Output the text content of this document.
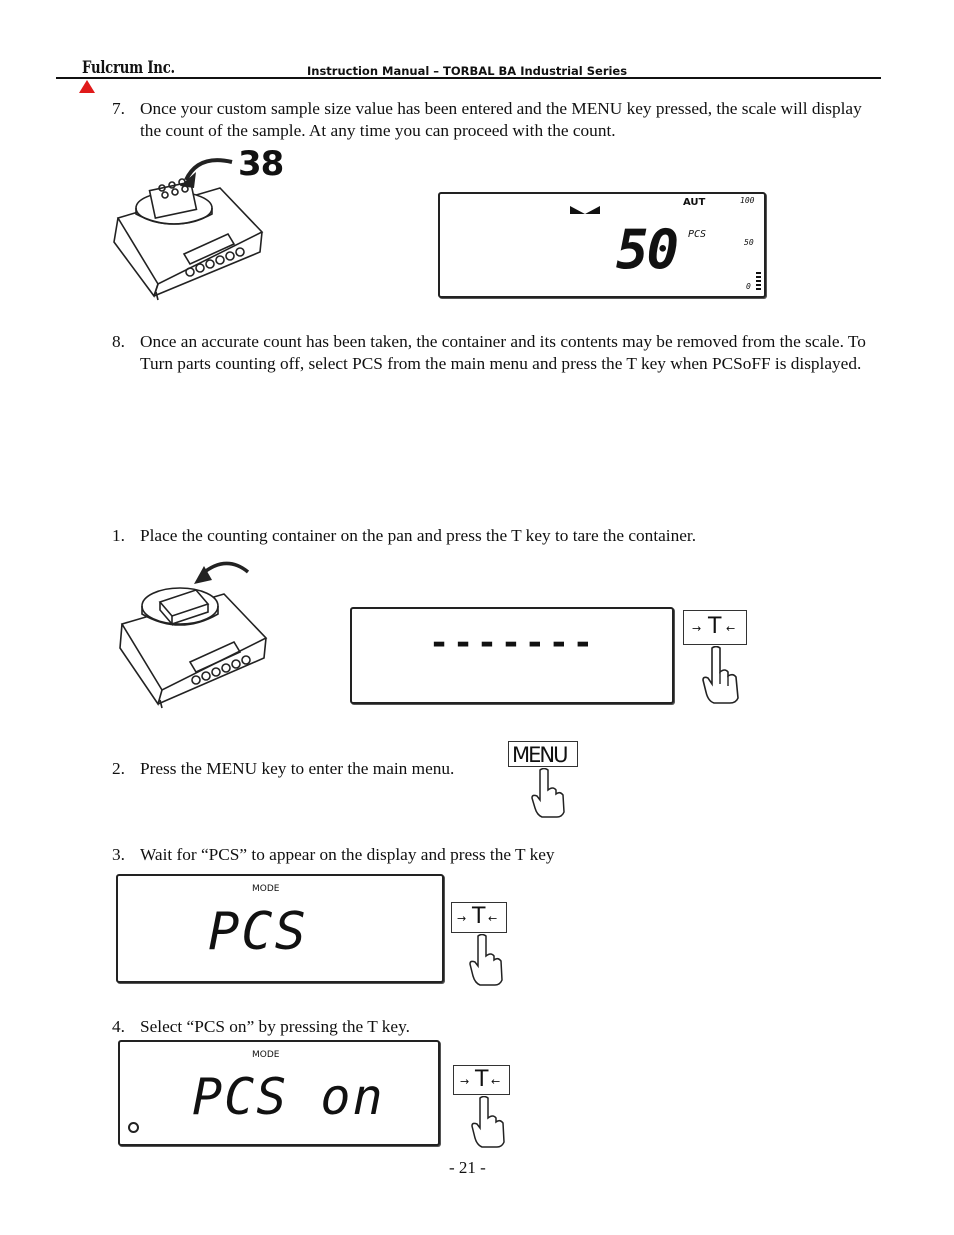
Fulcrum Inc.	Instruction Manual – TORBAL BA Industrial Series
7. Once your custom sample size value has been entered and the MENU key pressed, the scale will display the count of the sample. At any time you can proceed with the count.
38
AUT
50 PCS
100
50
0
8. Once an accurate count has been taken, the container and its contents may be removed from the scale. To Turn parts counting off, select PCS from the main menu and press the T key when PCSoFF is displayed.
1. Place the counting container on the pan and press the T key to tare the container.
- - - - - - -	→ T ←
2. Press the MENU key to enter the main menu.
MENU
3. Wait for “PCS” to appear on the display and press the T key
MODE
PCS	→ T ←
4. Select “PCS on” by pressing the T key.
MODE
PCS on	→ T ←
- 21 -
